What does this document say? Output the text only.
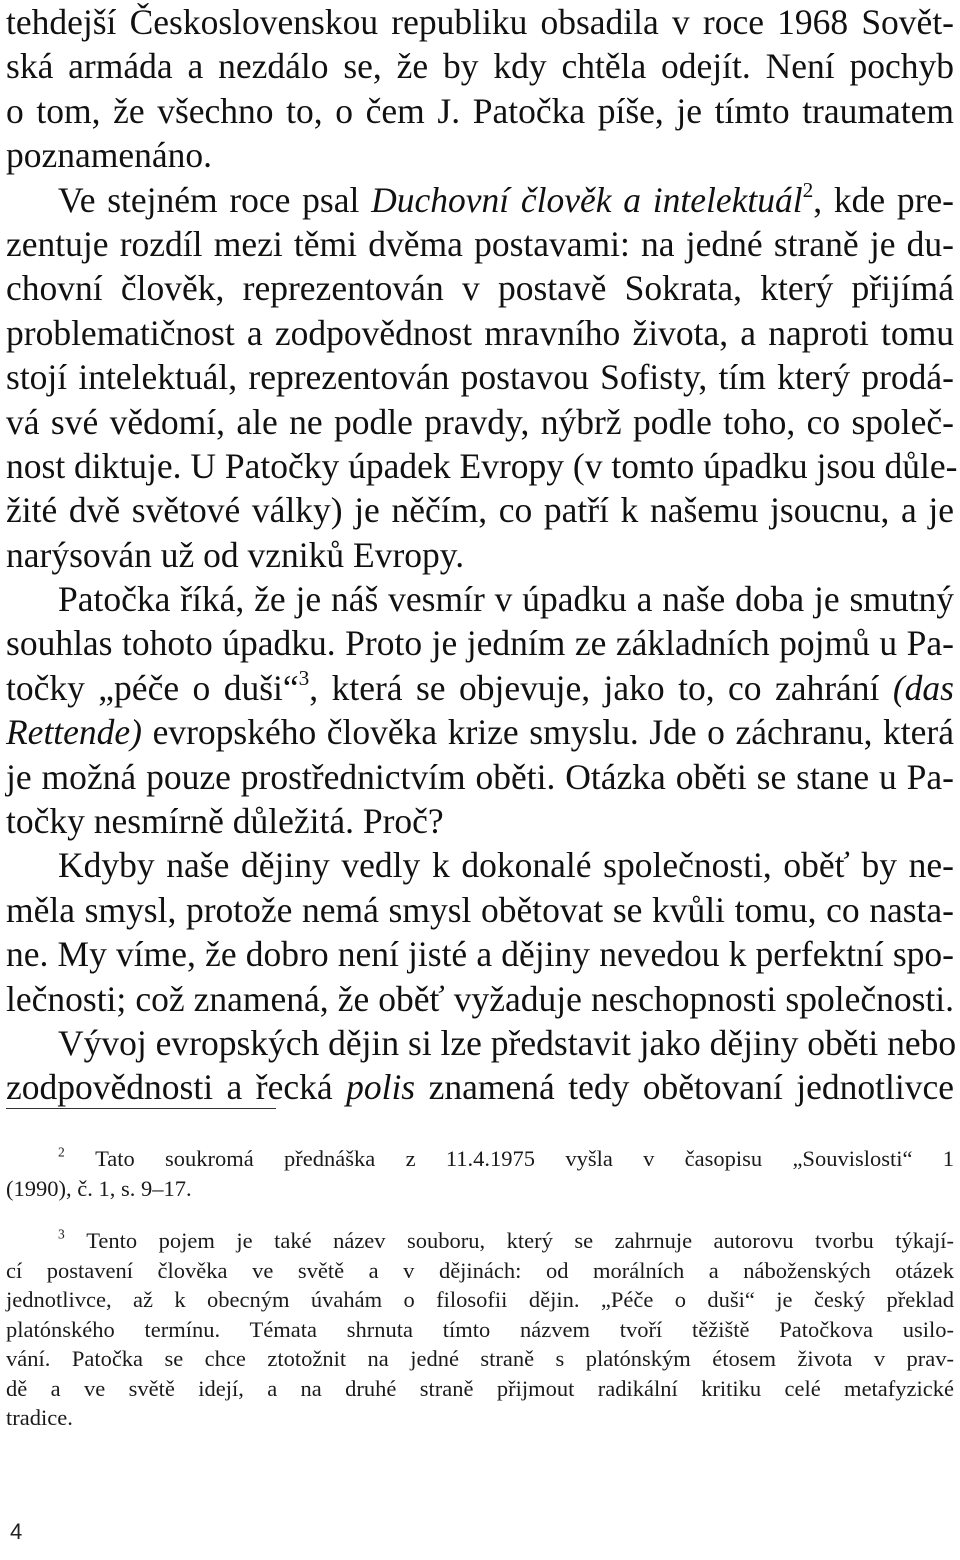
tehdejší Československou republiku obsadila v roce 1968 Sovět-
ská armáda a nezdálo se, že by kdy chtěla odejít. Není pochyb
o tom, že všechno to, o čem J. Patočka píše, je tímto traumatem
poznamenáno.
Ve stejném roce psal Duchovní člověk a intelektuál$^2$, kde pre-
zentuje rozdíl mezi těmi dvěma postavami: na jedné straně je du-
chovní člověk, reprezentován v postavě Sokrata, který přijímá
problematičnost a zodpovědnost mravního života, a naproti tomu
stojí intelektuál, reprezentován postavou Sofisty, tím který prodá-
vá své vědomí, ale ne podle pravdy, nýbrž podle toho, co společ-
nost diktuje. U Patočky úpadek Evropy (v tomto úpadku jsou důle-
žité dvě světové války) je něčím, co patří k našemu jsoucnu, a je
narýsován už od vzniků Evropy.
Patočka říká, že je náš vesmír v úpadku a naše doba je smutný
souhlas tohoto úpadku. Proto je jedním ze základních pojmů u Pa-
točky „péče o duši“$^3$, která se objevuje, jako to, co zahrání (das
Rettende) evropského člověka krize smyslu. Jde o záchranu, která
je možná pouze prostřednictvím oběti. Otázka oběti se stane u Pa-
točky nesmírně důležitá. Proč?
Kdyby naše dějiny vedly k dokonalé společnosti, oběť by ne-
měla smysl, protože nemá smysl obětovat se kvůli tomu, co nasta-
ne. My víme, že dobro není jisté a dějiny nevedou k perfektní spo-
lečnosti; což znamená, že oběť vyžaduje neschopnosti společnosti.
Vývoj evropských dějin si lze představit jako dějiny oběti nebo
zodpovědnosti a řecká polis znamená tedy obětovaní jednotlivce
$^2$ Tato soukromá přednáška z 11.4.1975 vyšla v časopisu „Souvislosti“ 1
(1990), č. 1, s. 9–17.
$^3$ Tento pojem je také název souboru, který se zahrnuje autorovu tvorbu týkají-
cí postavení člověka ve světě a v dějinách: od morálních a náboženských otázek
jednotlivce, až k obecným úvahám o filosofii dějin. „Péče o duši“ je český překlad
platónského termínu. Témata shrnuta tímto názvem tvoří těžiště Patočkova usilo-
vání. Patočka se chce ztotožnit na jedné straně s platónským étosem života v prav-
dě a ve světě idejí, a na druhé straně přijmout radikální kritiku celé metafyzické
tradice.
4
